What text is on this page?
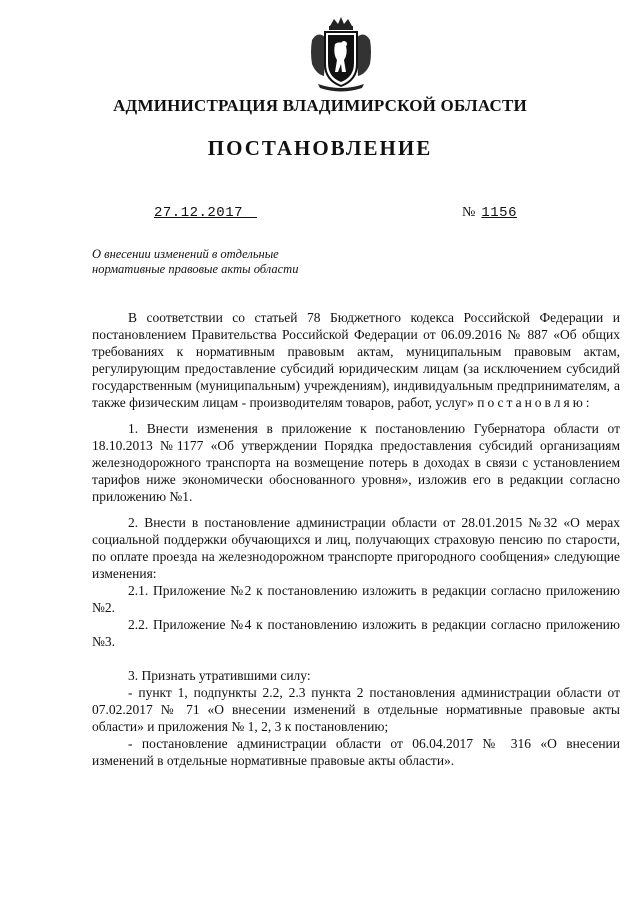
АДМИНИСТРАЦИЯ ВЛАДИМИРСКОЙ ОБЛАСТИ
ПОСТАНОВЛЕНИЕ
27.12.2017	№ 1156
О внесении изменений в отдельные
нормативные правовые акты области

В соответствии со статьей 78 Бюджетного кодекса Российской Федерации и постановлением Правительства Российской Федерации от 06.09.2016 № 887 «Об общих требованиях к нормативным правовым актам, муниципальным правовым актам, регулирующим предоставление субсидий юридическим лицам (за исключением субсидий государственным (муниципальным) учреждениям), индивидуальным предпринимателям, а также физическим лицам - производителям товаров, работ, услуг» постановляю:

1. Внести изменения в приложение к постановлению Губернатора области от 18.10.2013 №1177 «Об утверждении Порядка предоставления субсидий организациям железнодорожного транспорта на возмещение потерь в доходах в связи с установлением тарифов ниже экономически обоснованного уровня», изложив его в редакции согласно приложению №1.

2. Внести в постановление администрации области от 28.01.2015 №32 «О мерах социальной поддержки обучающихся и лиц, получающих страховую пенсию по старости, по оплате проезда на железнодорожном транспорте пригородного сообщения» следующие изменения:

2.1. Приложение №2 к постановлению изложить в редакции согласно приложению №2.

2.2. Приложение №4 к постановлению изложить в редакции согласно приложению №3.

3. Признать утратившими силу:

- пункт 1, подпункты 2.2, 2.3 пункта 2 постановления администрации области от 07.02.2017 № 71 «О внесении изменений в отдельные нормативные правовые акты области» и приложения № 1, 2, 3 к постановлению;

- постановление администрации области от 06.04.2017 № 316 «О внесении изменений в отдельные нормативные правовые акты области».
